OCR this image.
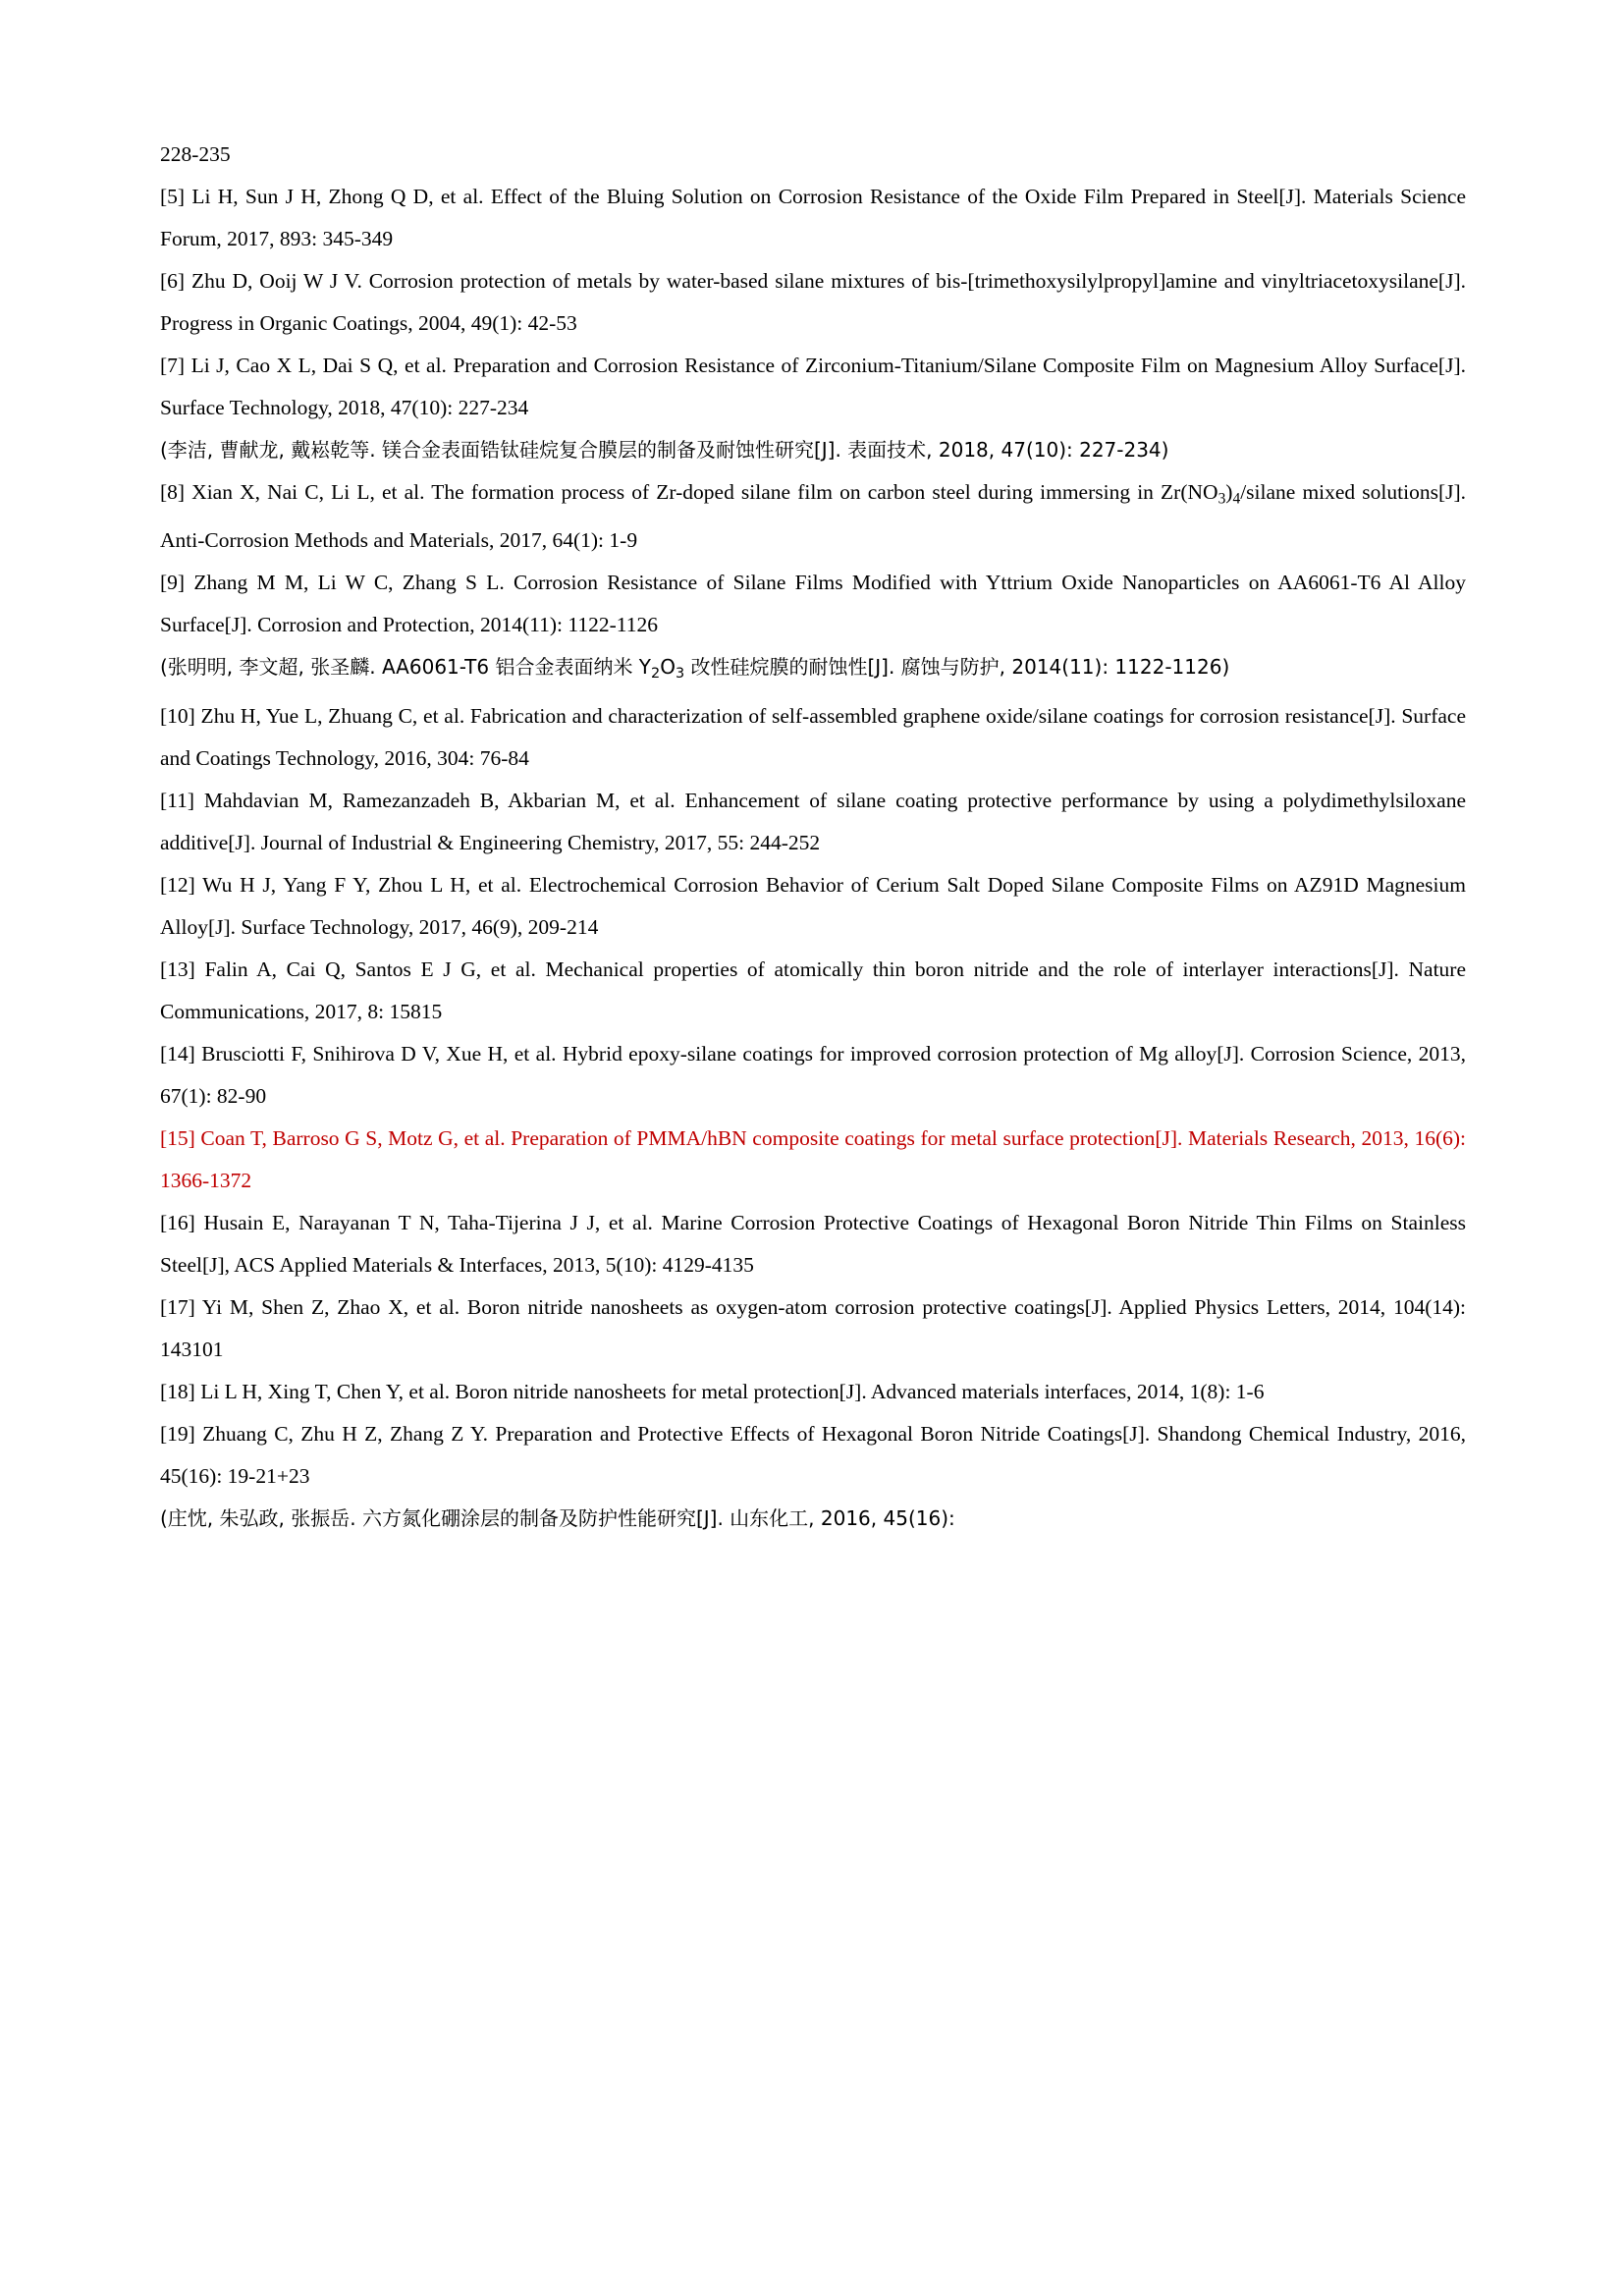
228-235

[5] Li H, Sun J H, Zhong Q D, et al. Effect of the Bluing Solution on Corrosion Resistance of the Oxide Film Prepared in Steel[J]. Materials Science Forum, 2017, 893: 345-349

[6] Zhu D, Ooij W J V. Corrosion protection of metals by water-based silane mixtures of bis-[trimethoxysilylpropyl]amine and vinyltriacetoxysilane[J]. Progress in Organic Coatings, 2004, 49(1): 42-53

[7] Li J, Cao X L, Dai S Q, et al. Preparation and Corrosion Resistance of Zirconium-Titanium/Silane Composite Film on Magnesium Alloy Surface[J]. Surface Technology, 2018, 47(10): 227-234

(李洁, 曹献龙, 戴崧乾等. 镁合金表面锆钛硅烷复合膜层的制备及耐蚀性研究[J]. 表面技术, 2018, 47(10): 227-234)

[8] Xian X, Nai C, Li L, et al. The formation process of Zr-doped silane film on carbon steel during immersing in $Zr(NO_3)_4$/silane mixed solutions[J]. Anti-Corrosion Methods and Materials, 2017, 64(1): 1-9

[9] Zhang M M, Li W C, Zhang S L. Corrosion Resistance of Silane Films Modified with Yttrium Oxide Nanoparticles on AA6061-T6 Al Alloy Surface[J]. Corrosion and Protection, 2014(11): 1122-1126

(张明明, 李文超, 张圣麟. AA6061-T6 铝合金表面纳米 $Y_2O_3$ 改性硅烷膜的耐蚀性[J]. 腐蚀与防护, 2014(11): 1122-1126)

[10] Zhu H, Yue L, Zhuang C, et al. Fabrication and characterization of self-assembled graphene oxide/silane coatings for corrosion resistance[J]. Surface and Coatings Technology, 2016, 304: 76-84

[11] Mahdavian M, Ramezanzadeh B, Akbarian M, et al. Enhancement of silane coating protective performance by using a polydimethylsiloxane additive[J]. Journal of Industrial & Engineering Chemistry, 2017, 55: 244-252

[12] Wu H J, Yang F Y, Zhou L H, et al. Electrochemical Corrosion Behavior of Cerium Salt Doped Silane Composite Films on AZ91D Magnesium Alloy[J]. Surface Technology, 2017, 46(9), 209-214

[13] Falin A, Cai Q, Santos E J G, et al. Mechanical properties of atomically thin boron nitride and the role of interlayer interactions[J]. Nature Communications, 2017, 8: 15815

[14] Brusciotti F, Snihirova D V, Xue H, et al. Hybrid epoxy-silane coatings for improved corrosion protection of Mg alloy[J]. Corrosion Science, 2013, 67(1): 82-90

[15] Coan T, Barroso G S, Motz G, et al. Preparation of PMMA/hBN composite coatings for metal surface protection[J]. Materials Research, 2013, 16(6): 1366-1372

[16] Husain E, Narayanan T N, Taha-Tijerina J J, et al. Marine Corrosion Protective Coatings of Hexagonal Boron Nitride Thin Films on Stainless Steel[J], ACS Applied Materials & Interfaces, 2013, 5(10): 4129-4135

[17] Yi M, Shen Z, Zhao X, et al. Boron nitride nanosheets as oxygen-atom corrosion protective coatings[J]. Applied Physics Letters, 2014, 104(14): 143101

[18] Li L H, Xing T, Chen Y, et al. Boron nitride nanosheets for metal protection[J]. Advanced materials interfaces, 2014, 1(8): 1-6

[19] Zhuang C, Zhu H Z, Zhang Z Y. Preparation and Protective Effects of Hexagonal Boron Nitride Coatings[J]. Shandong Chemical Industry, 2016, 45(16): 19-21+23

(庄忱, 朱弘政, 张振岳. 六方氮化硼涂层的制备及防护性能研究[J]. 山东化工, 2016, 45(16):
